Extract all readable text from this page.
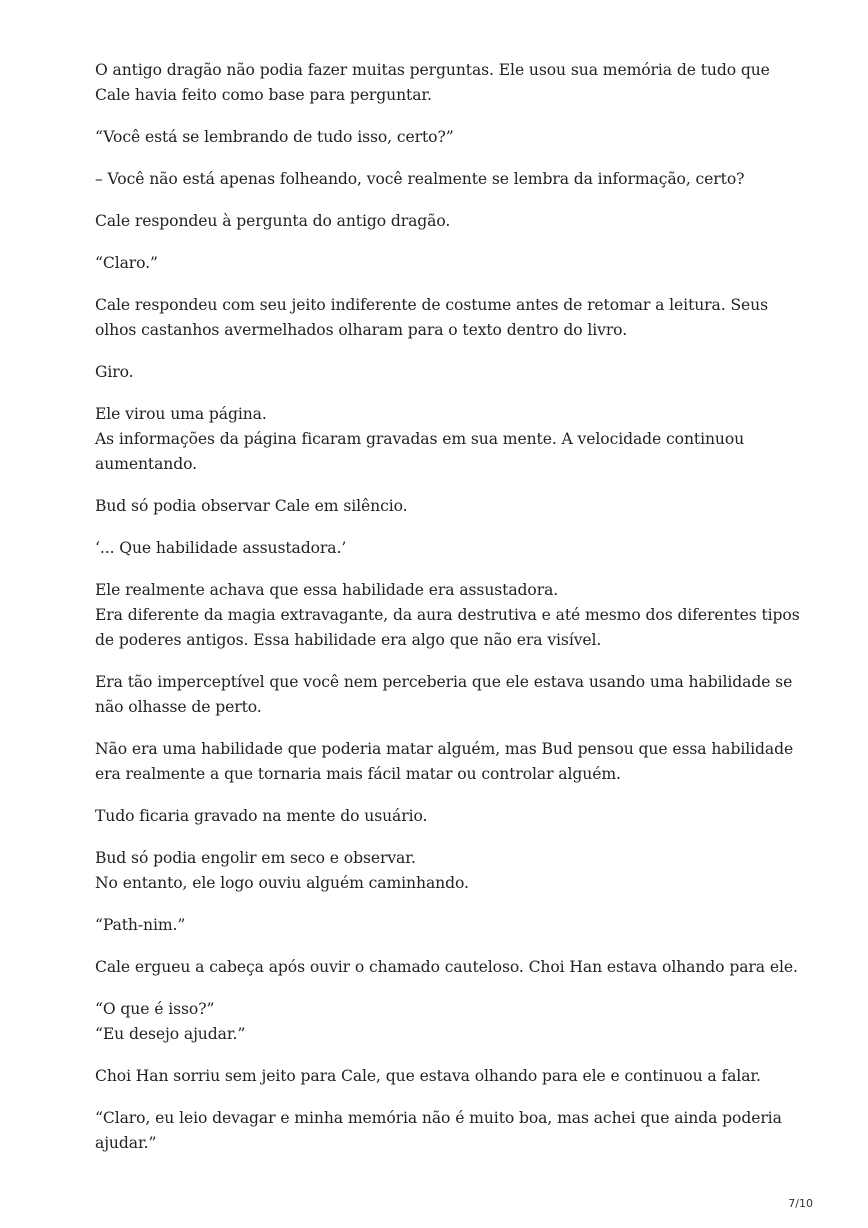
O antigo dragão não podia fazer muitas perguntas. Ele usou sua memória de tudo que
Cale havia feito como base para perguntar.

“Você está se lembrando de tudo isso, certo?”

– Você não está apenas folheando, você realmente se lembra da informação, certo?

Cale respondeu à pergunta do antigo dragão.

“Claro.”

Cale respondeu com seu jeito indiferente de costume antes de retomar a leitura. Seus
olhos castanhos avermelhados olharam para o texto dentro do livro.

Giro.

Ele virou uma página.
As informações da página ficaram gravadas em sua mente. A velocidade continuou
aumentando.

Bud só podia observar Cale em silêncio.

‘... Que habilidade assustadora.’

Ele realmente achava que essa habilidade era assustadora.
Era diferente da magia extravagante, da aura destrutiva e até mesmo dos diferentes tipos
de poderes antigos. Essa habilidade era algo que não era visível.

Era tão imperceptível que você nem perceberia que ele estava usando uma habilidade se
não olhasse de perto.

Não era uma habilidade que poderia matar alguém, mas Bud pensou que essa habilidade
era realmente a que tornaria mais fácil matar ou controlar alguém.

Tudo ficaria gravado na mente do usuário.

Bud só podia engolir em seco e observar.
No entanto, ele logo ouviu alguém caminhando.

“Path-nim.”

Cale ergueu a cabeça após ouvir o chamado cauteloso. Choi Han estava olhando para ele.

“O que é isso?”
“Eu desejo ajudar.”

Choi Han sorriu sem jeito para Cale, que estava olhando para ele e continuou a falar.

“Claro, eu leio devagar e minha memória não é muito boa, mas achei que ainda poderia
ajudar.”

7/10
